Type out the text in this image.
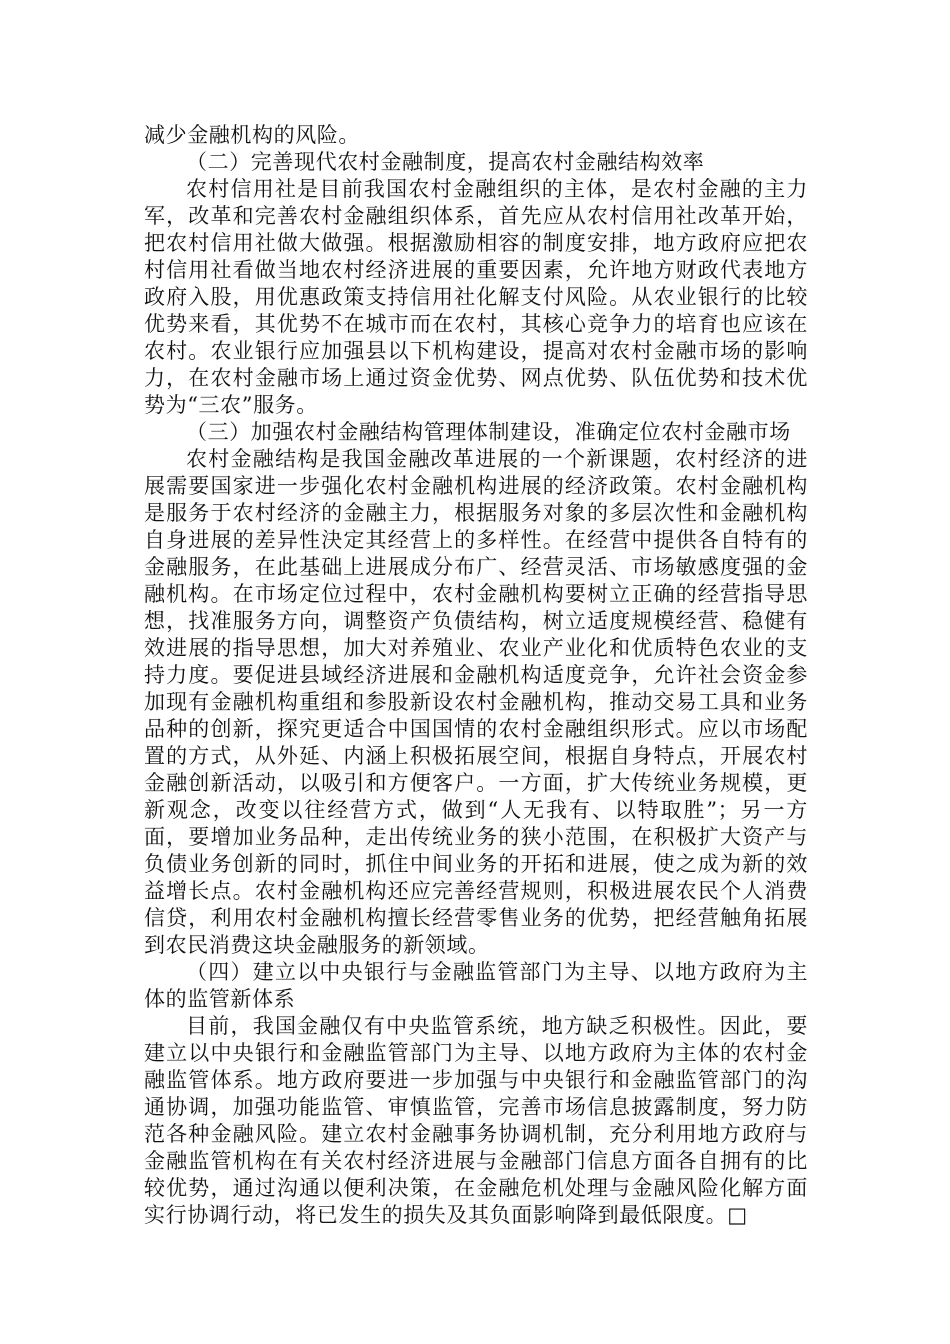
减少金融机构的风险。

（二）完善现代农村金融制度，提高农村金融结构效率

农村信用社是目前我国农村金融组织的主体，是农村金融的主力军，改革和完善农村金融组织体系，首先应从农村信用社改革开始，把农村信用社做大做强。根据激励相容的制度安排，地方政府应把农村信用社看做当地农村经济进展的重要因素，允许地方财政代表地方政府入股，用优惠政策支持信用社化解支付风险。从农业银行的比较优势来看，其优势不在城市而在农村，其核心竞争力的培育也应该在农村。农业银行应加强县以下机构建设，提高对农村金融市场的影响力，在农村金融市场上通过资金优势、网点优势、队伍优势和技术优势为“三农”服务。

（三）加强农村金融结构管理体制建设，准确定位农村金融市场

农村金融结构是我国金融改革进展的一个新课题，农村经济的进展需要国家进一步强化农村金融机构进展的经济政策。农村金融机构是服务于农村经济的金融主力，根据服务对象的多层次性和金融机构自身进展的差异性決定其经营上的多样性。在经营中提供各自特有的金融服务，在此基础上进展成分布广、经营灵活、市场敏感度强的金融机构。在市场定位过程中，农村金融机构要树立正确的经营指导思想，找准服务方向，调整资产负债结构，树立适度规模经营、稳健有效进展的指导思想，加大对养殖业、农业产业化和优质特色农业的支持力度。要促进县域经济进展和金融机构适度竞争，允许社会资金参加现有金融机构重组和参股新设农村金融机构，推动交易工具和业务品种的创新，探究更适合中国国情的农村金融组织形式。应以市场配置的方式，从外延、内涵上积极拓展空间，根据自身特点，开展农村金融创新活动，以吸引和方便客户。一方面，扩大传统业务规模，更新观念，改变以往经营方式，做到“人无我有、以特取胜”；另一方面，要增加业务品种，走出传统业务的狭小范围，在积极扩大资产与负债业务创新的同时，抓住中间业务的开拓和进展，使之成为新的效益增长点。农村金融机构还应完善经营规则，积极进展农民个人消费信贷，利用农村金融机构擅长经营零售业务的优势，把经营触角拓展到农民消费这块金融服务的新领域。

（四）建立以中央银行与金融监管部门为主导、以地方政府为主体的监管新体系

目前，我国金融仅有中央监管系统，地方缺乏积极性。因此，要建立以中央银行和金融监管部门为主导、以地方政府为主体的农村金融监管体系。地方政府要进一步加强与中央银行和金融监管部门的沟通协调，加强功能监管、审慎监管，完善市场信息披露制度，努力防范各种金融风险。建立农村金融事务协调机制，充分利用地方政府与金融监管机构在有关农村经济进展与金融部门信息方面各自拥有的比较优势，通过沟通以便利决策，在金融危机处理与金融风险化解方面实行协调行动，将已发生的损失及其负面影响降到最低限度。□
